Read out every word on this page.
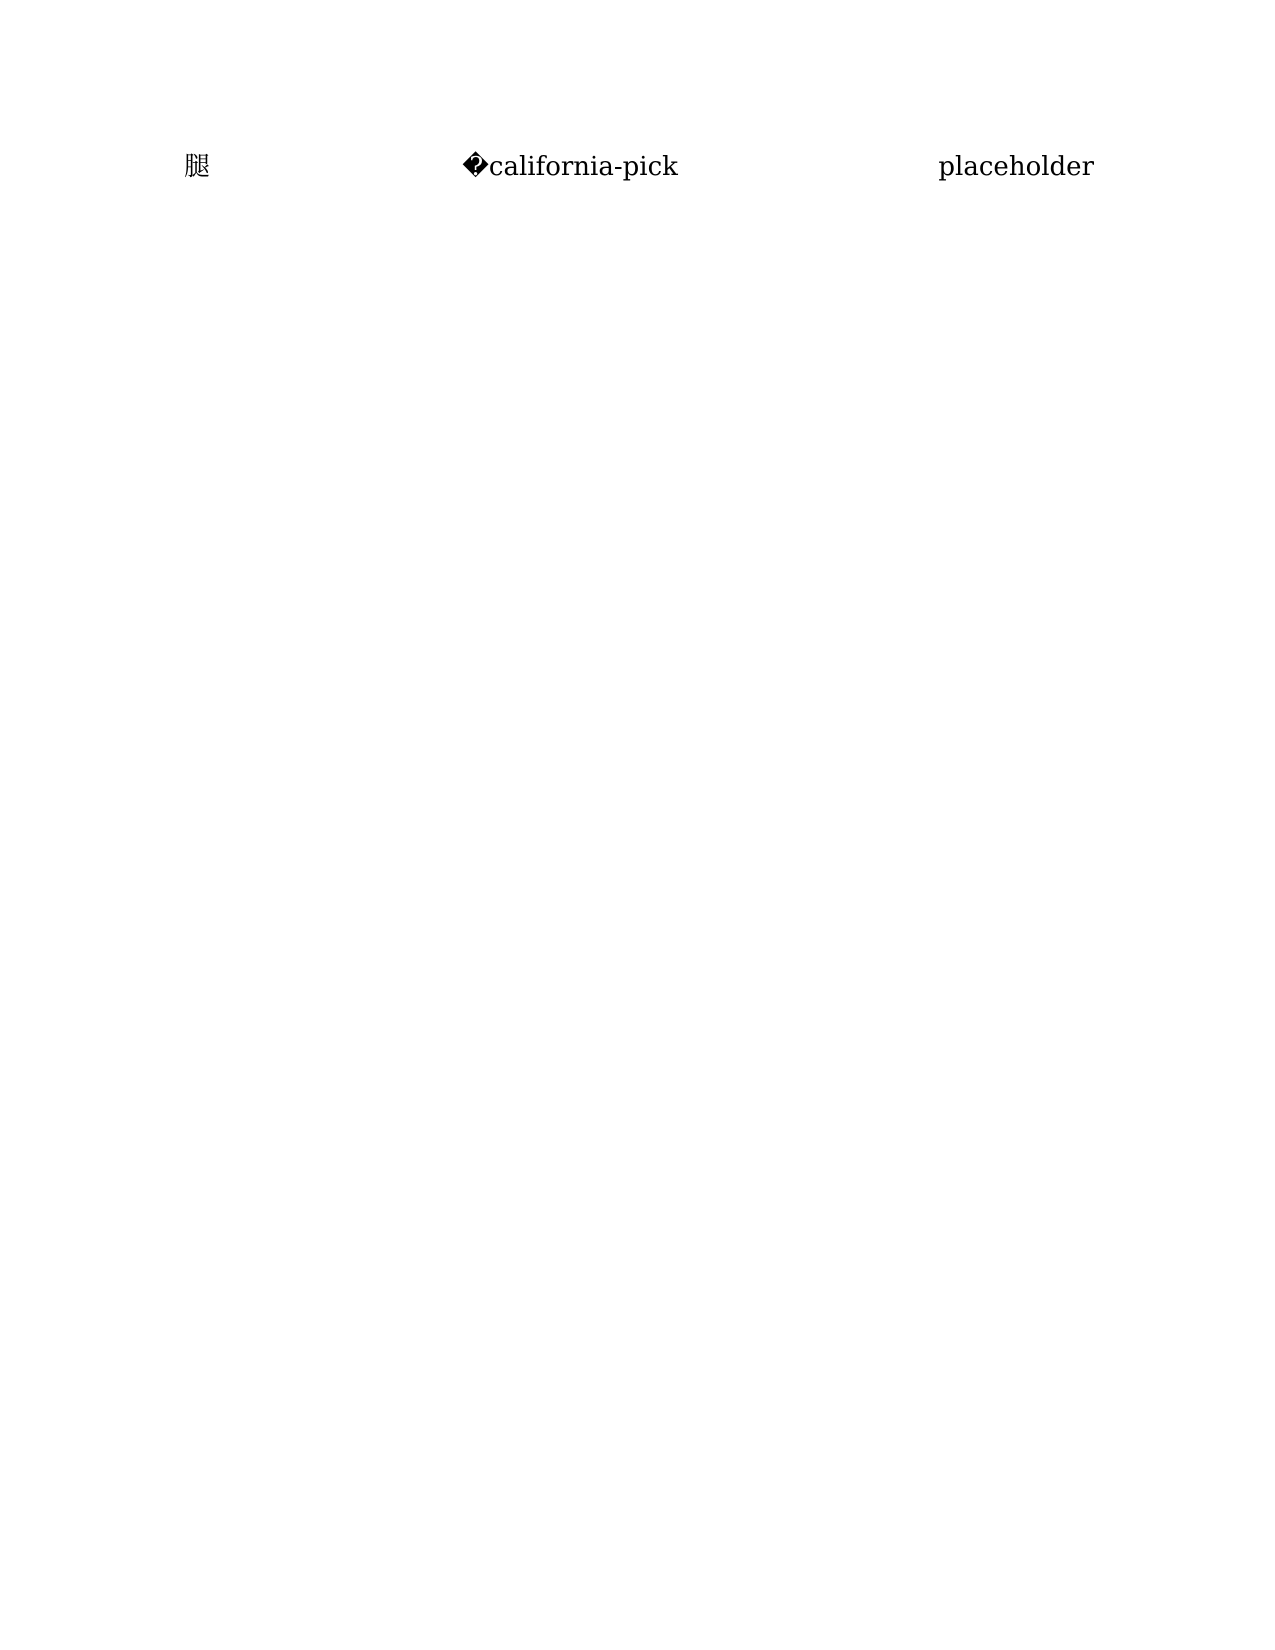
腿�california-pick placeholder
